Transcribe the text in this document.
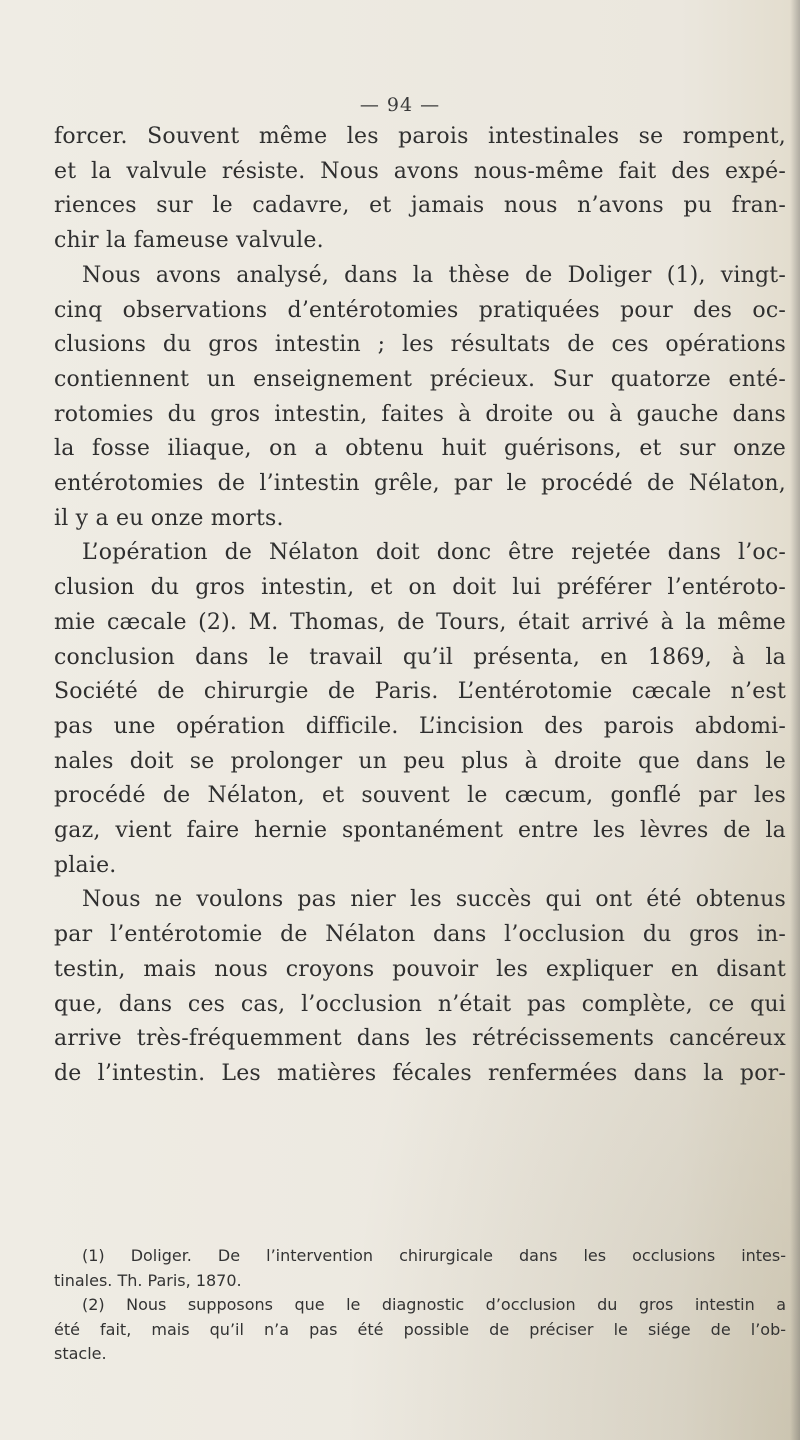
— 94 —
forcer. Souvent même les parois intestinales se rompent,
et la valvule résiste. Nous avons nous-même fait des expé-
riences sur le cadavre, et jamais nous n’avons pu fran-
chir la fameuse valvule.
Nous avons analysé, dans la thèse de Doliger (1), vingt-
cinq observations d’entérotomies pratiquées pour des oc-
clusions du gros intestin ; les résultats de ces opérations
contiennent un enseignement précieux. Sur quatorze enté-
rotomies du gros intestin, faites à droite ou à gauche dans
la fosse iliaque, on a obtenu huit guérisons, et sur onze
entérotomies de l’intestin grêle, par le procédé de Nélaton,
il y a eu onze morts.
L’opération de Nélaton doit donc être rejetée dans l’oc-
clusion du gros intestin, et on doit lui préférer l’entéroto-
mie cæcale (2). M. Thomas, de Tours, était arrivé à la même
conclusion dans le travail qu’il présenta, en 1869, à la
Société de chirurgie de Paris. L’entérotomie cæcale n’est
pas une opération difficile. L’incision des parois abdomi-
nales doit se prolonger un peu plus à droite que dans le
procédé de Nélaton, et souvent le cæcum, gonflé par les
gaz, vient faire hernie spontanément entre les lèvres de la
plaie.
Nous ne voulons pas nier les succès qui ont été obtenus
par l’entérotomie de Nélaton dans l’occlusion du gros in-
testin, mais nous croyons pouvoir les expliquer en disant
que, dans ces cas, l’occlusion n’était pas complète, ce qui
arrive très-fréquemment dans les rétrécissements cancéreux
de l’intestin. Les matières fécales renfermées dans la por-
(1) Doliger. De l’intervention chirurgicale dans les occlusions intes-
tinales. Th. Paris, 1870.
(2) Nous supposons que le diagnostic d’occlusion du gros intestin a
été fait, mais qu’il n’a pas été possible de préciser le siége de l’ob-
stacle.
